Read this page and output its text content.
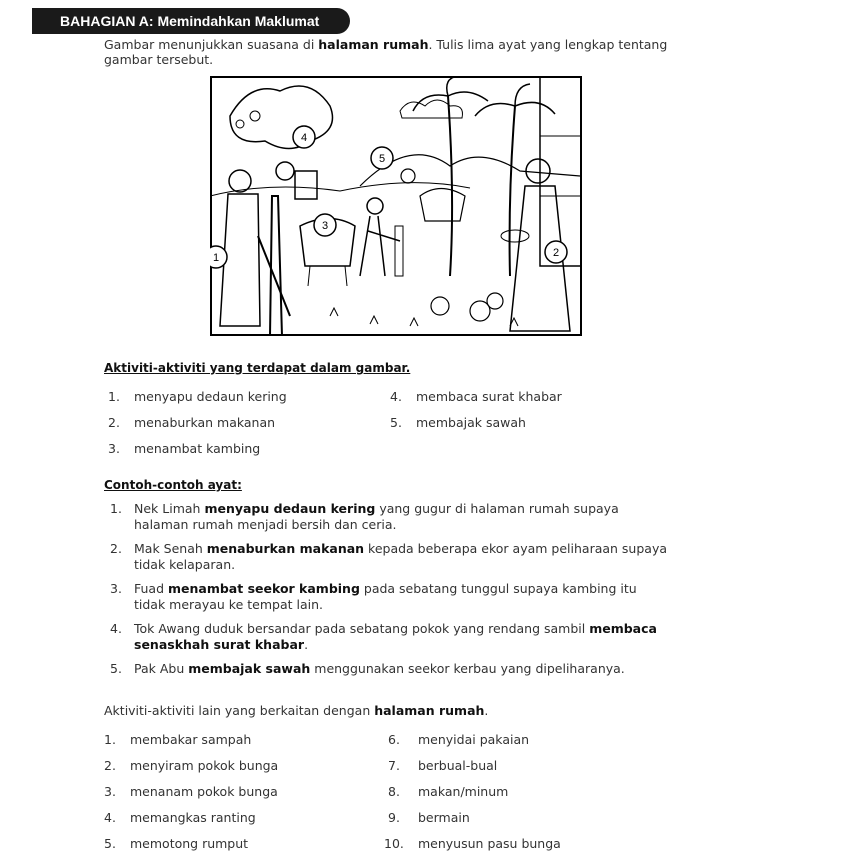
BAHAGIAN A: Memindahkan Maklumat
Gambar menunjukkan suasana di halaman rumah. Tulis lima ayat yang lengkap tentang
gambar tersebut.
1	2
3
4
5
Aktiviti-aktiviti yang terdapat dalam gambar.
1. menyapu dedaun kering
2. menaburkan makanan
3. menambat kambing
4. membaca surat khabar
5. membajak sawah
Contoh-contoh ayat:
1. Nek Limah menyapu dedaun kering yang gugur di halaman rumah supaya halaman rumah menjadi bersih dan ceria.
2. Mak Senah menaburkan makanan kepada beberapa ekor ayam peliharaan supaya tidak kelaparan.
3. Fuad menambat seekor kambing pada sebatang tunggul supaya kambing itu tidak merayau ke tempat lain.
4. Tok Awang duduk bersandar pada sebatang pokok yang rendang sambil membaca senaskhah surat khabar.
5. Pak Abu membajak sawah menggunakan seekor kerbau yang dipeliharanya.
Aktiviti-aktiviti lain yang berkaitan dengan halaman rumah.
1. membakar sampah
2. menyiram pokok bunga
3. menanam pokok bunga
4. memangkas ranting
5. memotong rumput
6. menyidai pakaian
7. berbual-bual
8. makan/minum
9. bermain
10. menyusun pasu bunga
